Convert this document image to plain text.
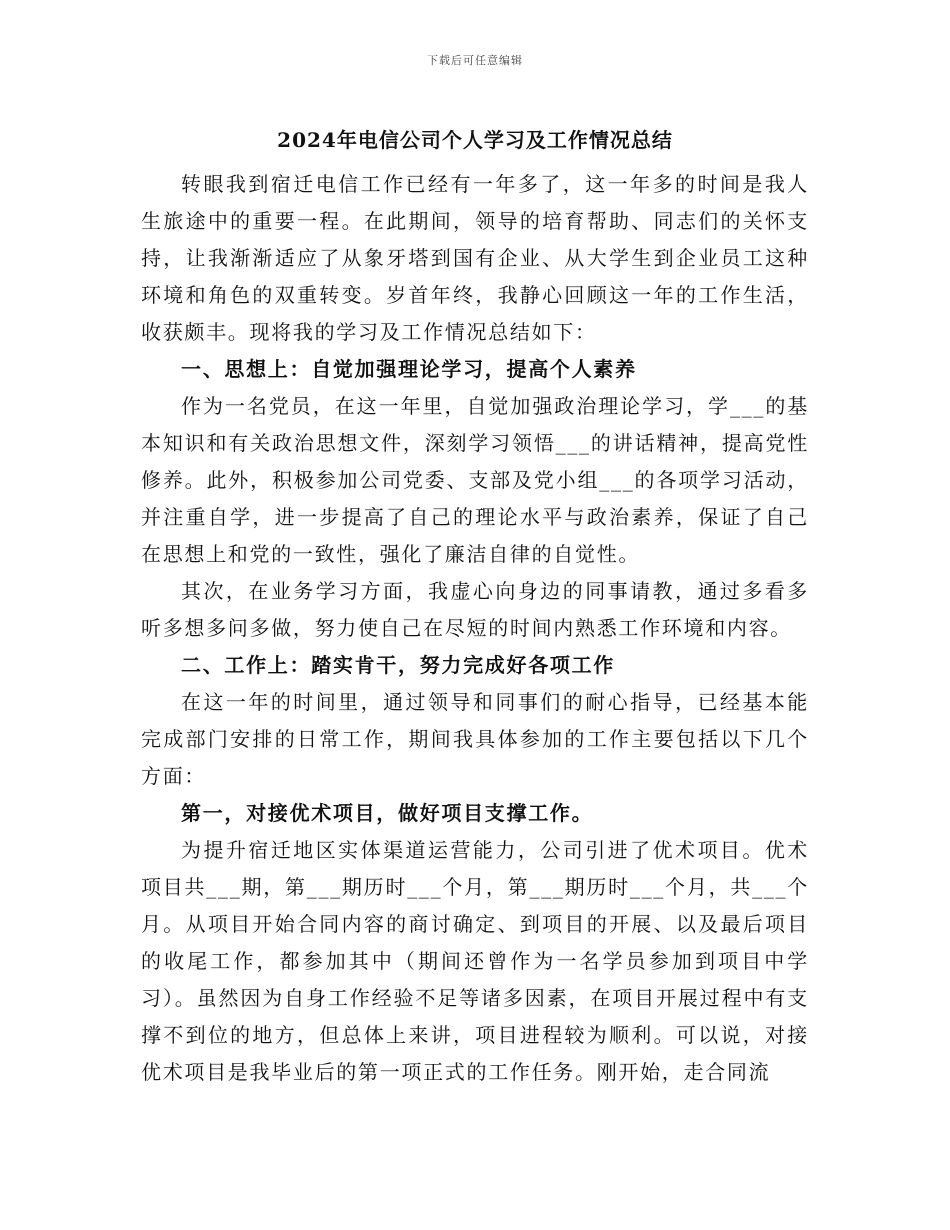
下载后可任意编辑
2024年电信公司个人学习及工作情况总结

转眼我到宿迁电信工作已经有一年多了，这一年多的时间是我人生旅途中的重要一程。在此期间，领导的培育帮助、同志们的关怀支持，让我渐渐适应了从象牙塔到国有企业、从大学生到企业员工这种环境和角色的双重转变。岁首年终，我静心回顾这一年的工作生活，收获颇丰。现将我的学习及工作情况总结如下：

一、思想上：自觉加强理论学习，提高个人素养

作为一名党员，在这一年里，自觉加强政治理论学习，学___的基本知识和有关政治思想文件，深刻学习领悟___的讲话精神，提高党性修养。此外，积极参加公司党委、支部及党小组___的各项学习活动，并注重自学，进一步提高了自己的理论水平与政治素养，保证了自己在思想上和党的一致性，强化了廉洁自律的自觉性。

其次，在业务学习方面，我虚心向身边的同事请教，通过多看多听多想多问多做，努力使自己在尽短的时间内熟悉工作环境和内容。

二、工作上：踏实肯干，努力完成好各项工作

在这一年的时间里，通过领导和同事们的耐心指导，已经基本能完成部门安排的日常工作，期间我具体参加的工作主要包括以下几个方面：

第一，对接优术项目，做好项目支撑工作。

为提升宿迁地区实体渠道运营能力，公司引进了优术项目。优术项目共___期，第___期历时___个月，第___期历时___个月，共___个月。从项目开始合同内容的商讨确定、到项目的开展、以及最后项目的收尾工作，都参加其中（期间还曾作为一名学员参加到项目中学习）。虽然因为自身工作经验不足等诸多因素，在项目开展过程中有支撑不到位的地方，但总体上来讲，项目进程较为顺利。可以说，对接优术项目是我毕业后的第一项正式的工作任务。刚开始，走合同流
